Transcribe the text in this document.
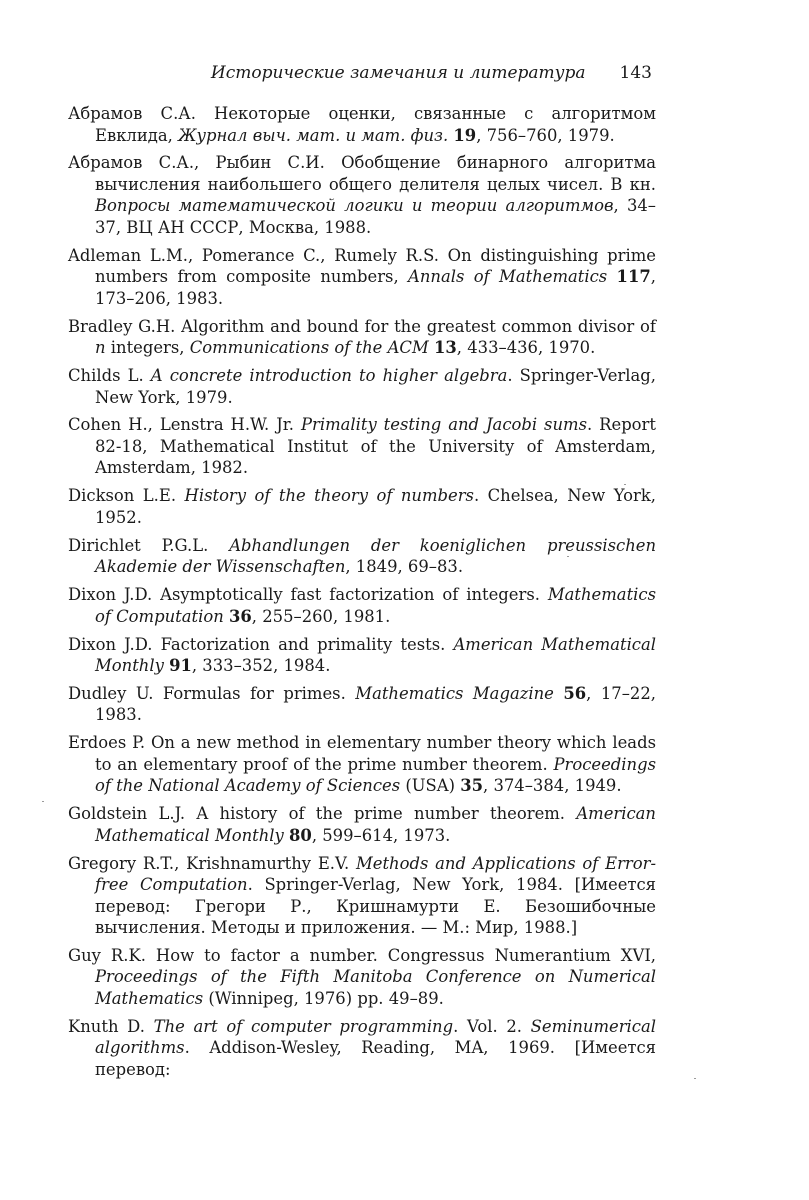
Исторические замечания и литература 143
Абрамов С.А. Некоторые оценки, связанные с алгоритмом Евклида, Журнал выч. мат. и мат. физ. 19, 756–760, 1979.
Абрамов С.А., Рыбин С.И. Обобщение бинарного алгоритма вычисления наибольшего общего делителя целых чисел. В кн. Вопросы математической логики и теории алгоритмов, 34–37, ВЦ АН СССР, Москва, 1988.
Adleman L.M., Pomerance C., Rumely R.S. On distinguishing prime numbers from composite numbers, Annals of Mathematics 117, 173–206, 1983.
Bradley G.H. Algorithm and bound for the greatest common divisor of n integers, Communications of the ACM 13, 433–436, 1970.
Childs L. A concrete introduction to higher algebra. Springer-Verlag, New York, 1979.
Cohen H., Lenstra H.W. Jr. Primality testing and Jacobi sums. Report 82-18, Mathematical Institut of the University of Amsterdam, Amsterdam, 1982.
Dickson L.E. History of the theory of numbers. Chelsea, New York, 1952.
Dirichlet P.G.L. Abhandlungen der koeniglichen preussischen Akademie der Wissenschaften, 1849, 69–83.
Dixon J.D. Asymptotically fast factorization of integers. Mathematics of Computation 36, 255–260, 1981.
Dixon J.D. Factorization and primality tests. American Mathematical Monthly 91, 333–352, 1984.
Dudley U. Formulas for primes. Mathematics Magazine 56, 17–22, 1983.
Erdoes P. On a new method in elementary number theory which leads to an elementary proof of the prime number theorem. Proceedings of the National Academy of Sciences (USA) 35, 374–384, 1949.
Goldstein L.J. A history of the prime number theorem. American Mathematical Monthly 80, 599–614, 1973.
Gregory R.T., Krishnamurthy E.V. Methods and Applications of Error-free Computation. Springer-Verlag, New York, 1984. [Имеется перевод: Грегори Р., Кришнамурти Е. Безошибочные вычисления. Методы и приложения. — М.: Мир, 1988.]
Guy R.K. How to factor a number. Congressus Numerantium XVI, Proceedings of the Fifth Manitoba Conference on Numerical Mathematics (Winnipeg, 1976) pp. 49–89.
Knuth D. The art of computer programming. Vol. 2. Seminumerical algorithms. Addison-Wesley, Reading, MA, 1969. [Имеется перевод:
